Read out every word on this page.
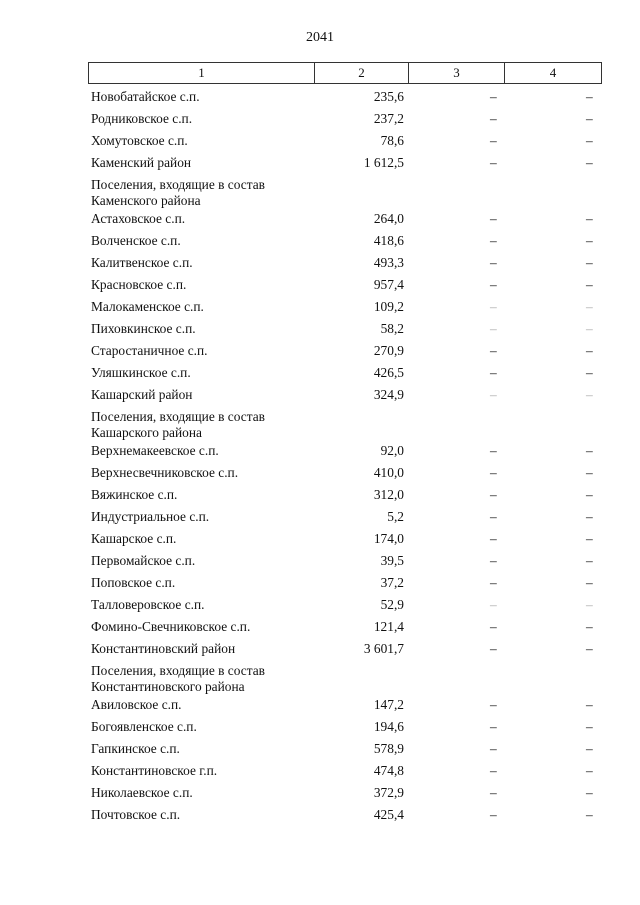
2041
1	2	3	4
Новобатайское с.п.	235,6	–	–
Родниковское с.п.	237,2	–	–
Хомутовское с.п.	78,6	–	–
Каменский район	1 612,5	–	–
Поселения, входящие в состав
Каменского района
Астаховское с.п.	264,0	–	–
Волченское с.п.	418,6	–	–
Калитвенское с.п.	493,3	–	–
Красновское с.п.	957,4	–	–
Малокаменское с.п.	109,2	–	–
Пиховкинское с.п.	58,2	–	–
Старостаничное с.п.	270,9	–	–
Уляшкинское с.п.	426,5	–	–
Кашарский район	324,9	–	–
Поселения, входящие в состав
Кашарского района
Верхнемакеевское с.п.	92,0	–	–
Верхнесвечниковское с.п.	410,0	–	–
Вяжинское с.п.	312,0	–	–
Индустриальное с.п.	5,2	–	–
Кашарское с.п.	174,0	–	–
Первомайское с.п.	39,5	–	–
Поповское с.п.	37,2	–	–
Талловеровское с.п.	52,9	–	–
Фомино-Свечниковское с.п.	121,4	–	–
Константиновский район	3 601,7	–	–
Поселения, входящие в состав
Константиновского района
Авиловское с.п.	147,2	–	–
Богоявленское с.п.	194,6	–	–
Гапкинское с.п.	578,9	–	–
Константиновское г.п.	474,8	–	–
Николаевское с.п.	372,9	–	–
Почтовское с.п.	425,4	–	–
